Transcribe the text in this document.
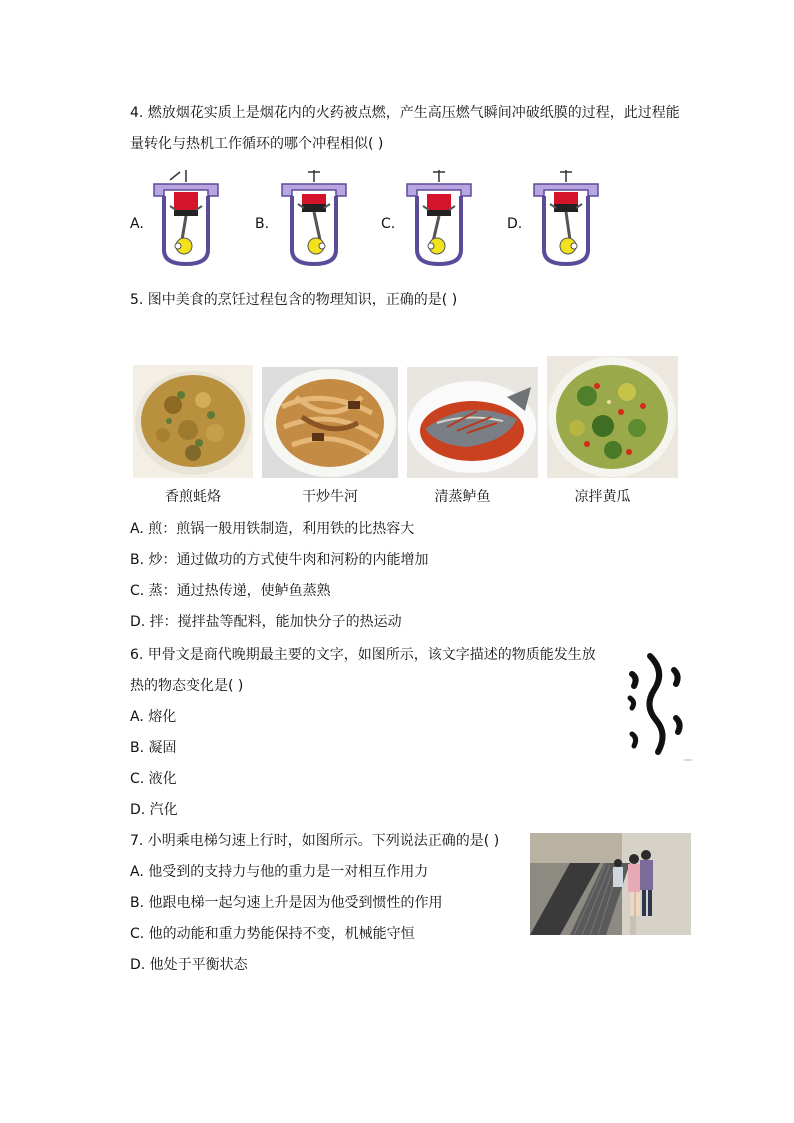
4. 燃放烟花实质上是烟花内的火药被点燃，产生高压燃气瞬间冲破纸膜的过程，此过程能
量转化与热机工作循环的哪个冲程相似( )
A.	B.	C.	D.
5. 图中美食的烹饪过程包含的物理知识，正确的是( )
香煎蚝烙	干炒牛河	清蒸鲈鱼	凉拌黄瓜
A. 煎：煎锅一般用铁制造，利用铁的比热容大
B. 炒：通过做功的方式使牛肉和河粉的内能增加
C. 蒸：通过热传递，使鲈鱼蒸熟
D. 拌：搅拌盐等配料，能加快分子的热运动
6. 甲骨文是商代晚期最主要的文字，如图所示，该文字描述的物质能发生放
热的物态变化是( )
A. 熔化
B. 凝固
C. 液化
D. 汽化
7. 小明乘电梯匀速上行时，如图所示。下列说法正确的是( )
A. 他受到的支持力与他的重力是一对相互作用力
B. 他跟电梯一起匀速上升是因为他受到惯性的作用
C. 他的动能和重力势能保持不变，机械能守恒
D. 他处于平衡状态
